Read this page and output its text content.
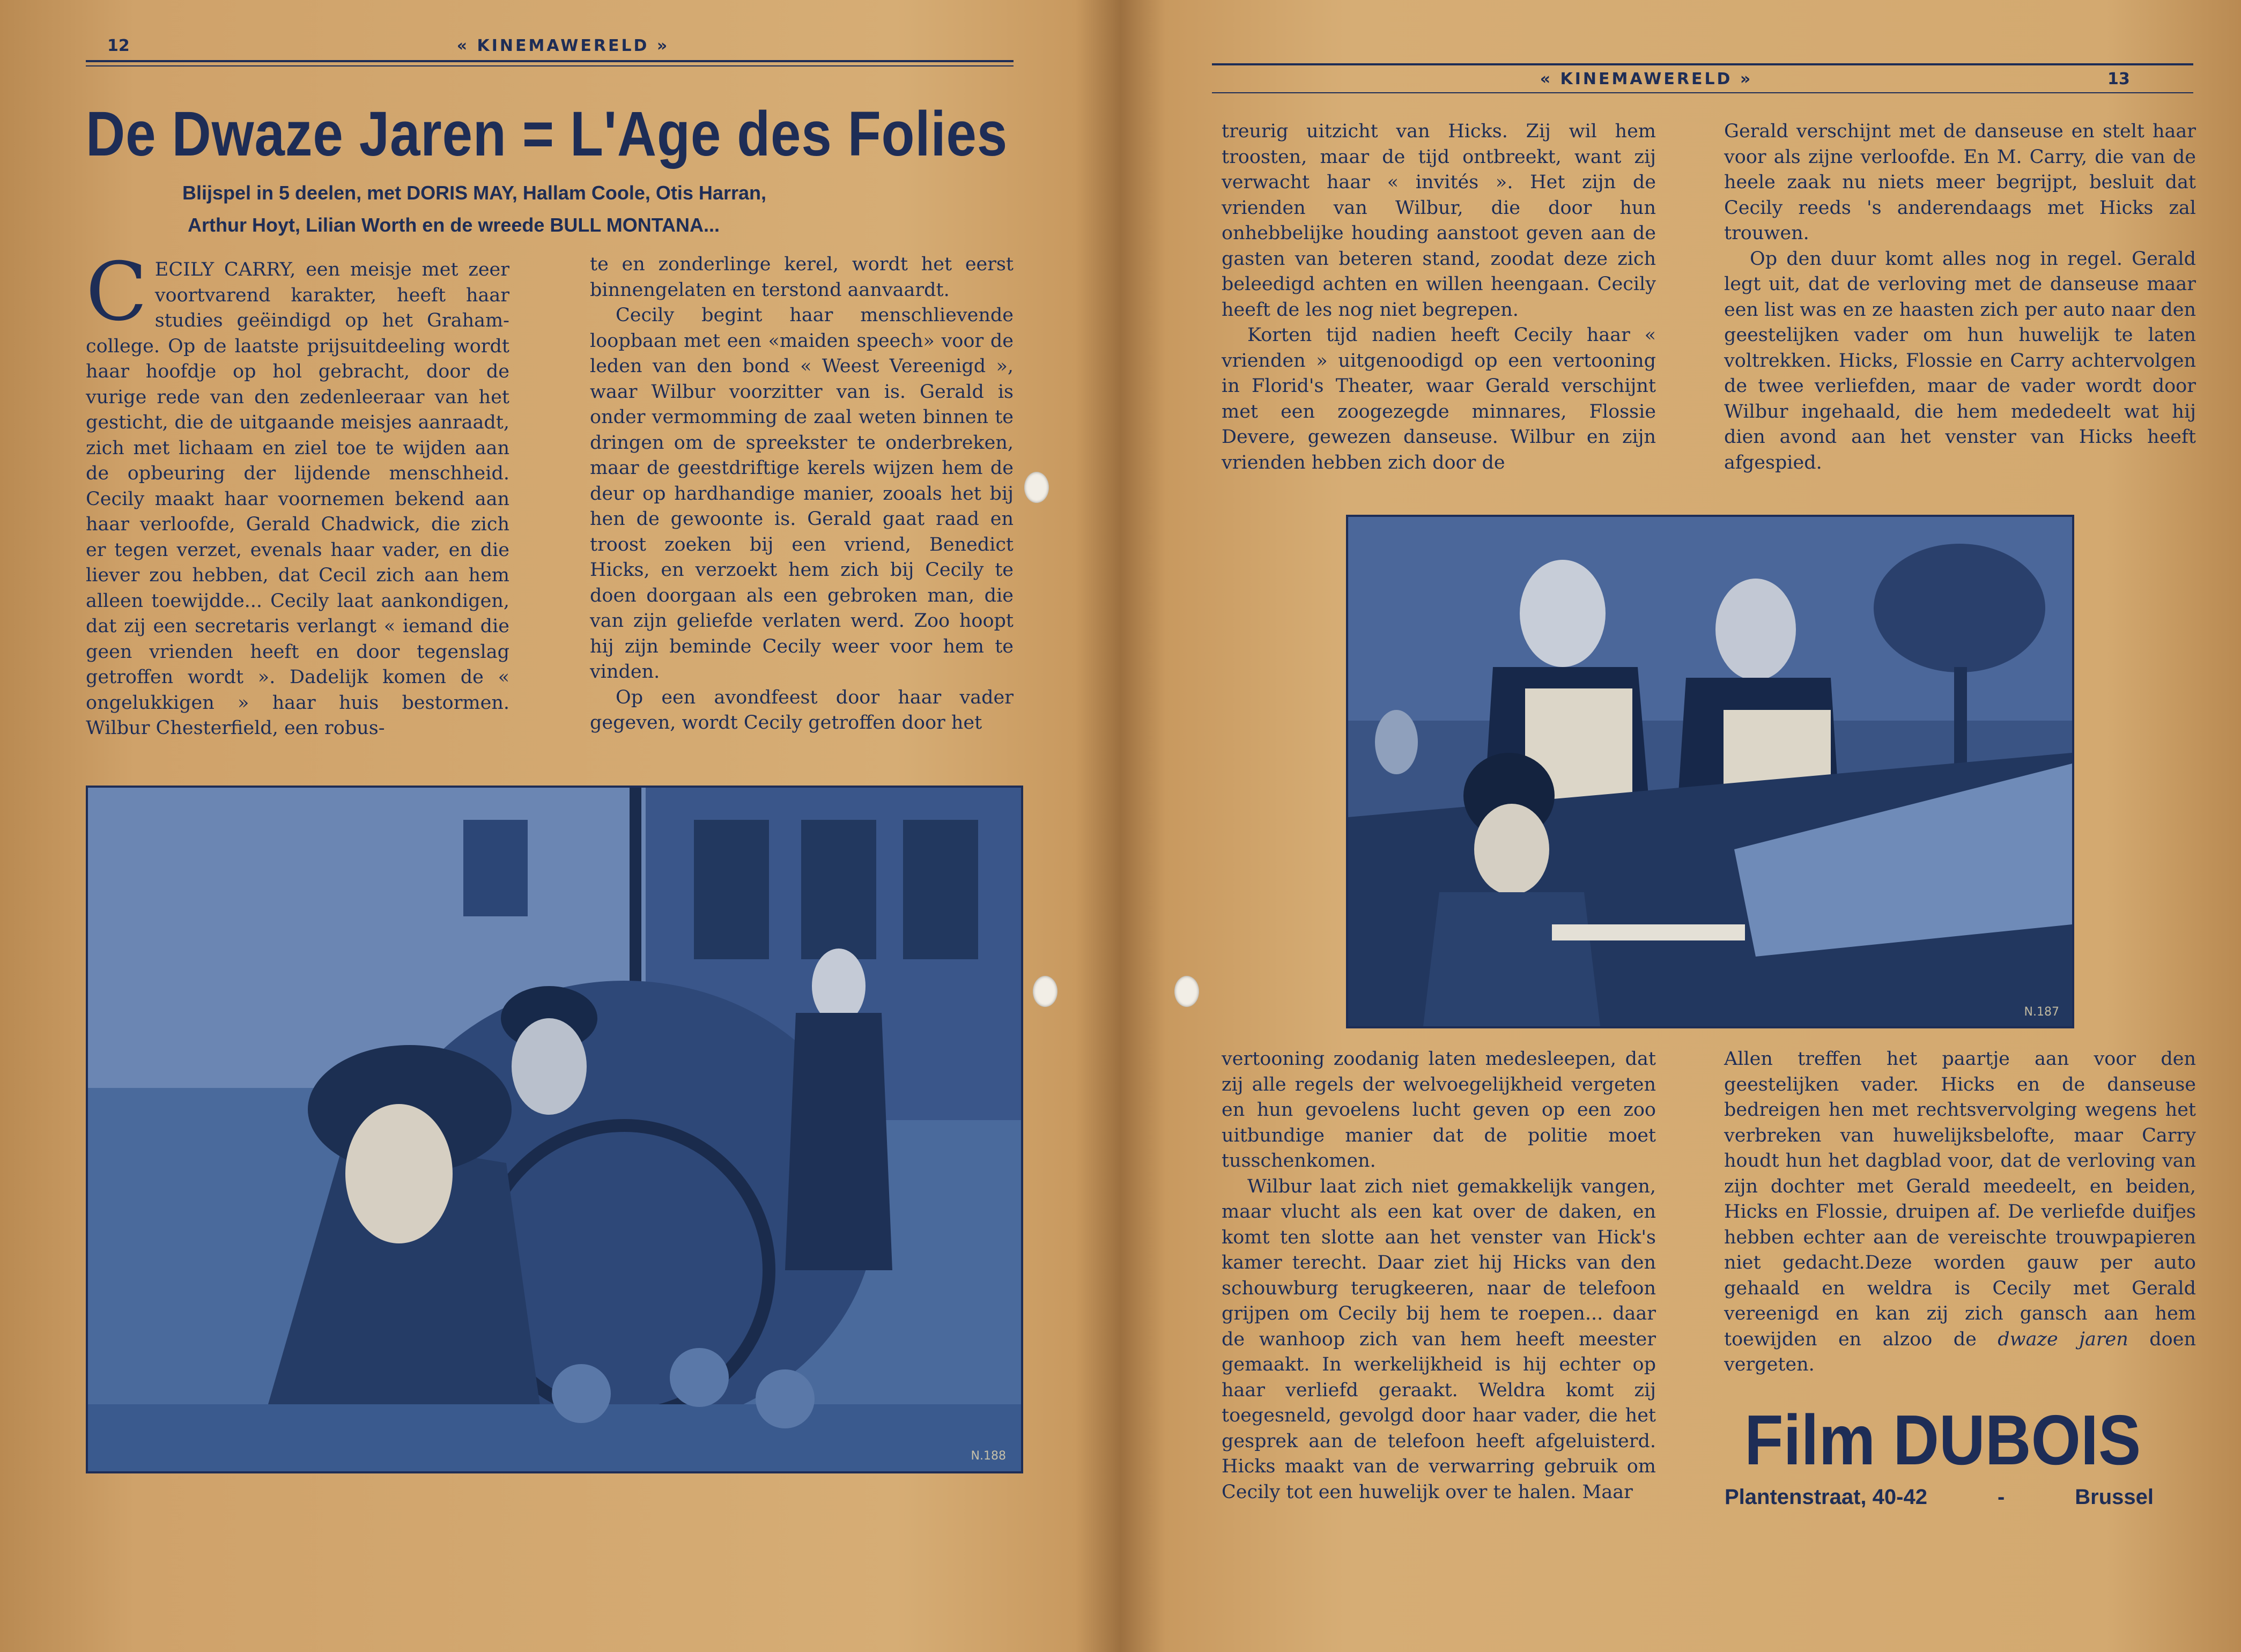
12	« KINEMAWERELD »
De Dwaze Jaren = L'Age des Folies
Blijspel in 5 deelen, met DORIS MAY, Hallam Coole, Otis Harran,
Arthur Hoyt, Lilian Worth en de wreede BULL MONTANA...

CECILY CARRY, een meisje met zeer voortvarend karakter, heeft haar studies geëindigd op het Graham-college. Op de laatste prijsuitdeeling wordt haar hoofdje op hol gebracht, door de vurige rede van den zedenleeraar van het gesticht, die de uitgaande meisjes aanraadt, zich met lichaam en ziel toe te wijden aan de opbeuring der lijdende menschheid. Cecily maakt haar voornemen bekend aan haar verloofde, Gerald Chadwick, die zich er tegen verzet, evenals haar vader, en die liever zou hebben, dat Cecil zich aan hem alleen toewijdde... Cecily laat aankondigen, dat zij een secretaris verlangt « iemand die geen vrienden heeft en door tegenslag getroffen wordt ». Dadelijk komen de « ongelukkigen » haar huis bestormen. Wilbur Chesterfield, een robus-

te en zonderlinge kerel, wordt het eerst binnengelaten en terstond aanvaardt.

Cecily begint haar menschlievende loopbaan met een «maiden speech» voor de leden van den bond « Weest Vereenigd », waar Wilbur voorzitter van is. Gerald is onder vermomming de zaal weten binnen te dringen om de spreekster te onderbreken, maar de geestdriftige kerels wijzen hem de deur op hardhandige manier, zooals het bij hen de gewoonte is. Gerald gaat raad en troost zoeken bij een vriend, Benedict Hicks, en verzoekt hem zich bij Cecily te doen doorgaan als een gebroken man, die van zijn geliefde verlaten werd. Zoo hoopt hij zijn beminde Cecily weer voor hem te vinden.

Op een avondfeest door haar vader gegeven, wordt Cecily getroffen door het

N.188
« KINEMAWERELD »	13

treurig uitzicht van Hicks. Zij wil hem troosten, maar de tijd ontbreekt, want zij verwacht haar « invités ». Het zijn de vrienden van Wilbur, die door hun onhebbelijke houding aanstoot geven aan de gasten van beteren stand, zoodat deze zich beleedigd achten en willen heengaan. Cecily heeft de les nog niet begrepen.

Korten tijd nadien heeft Cecily haar « vrienden » uitgenoodigd op een vertooning in Florid's Theater, waar Gerald verschijnt met een zoogezegde minnares, Flossie Devere, gewezen danseuse. Wilbur en zijn vrienden hebben zich door de

Gerald verschijnt met de danseuse en stelt haar voor als zijne verloofde. En M. Carry, die van de heele zaak nu niets meer begrijpt, besluit dat Cecily reeds 's anderendaags met Hicks zal trouwen.

Op den duur komt alles nog in regel. Gerald legt uit, dat de verloving met de danseuse maar een list was en ze haasten zich per auto naar den geestelijken vader om hun huwelijk te laten voltrekken. Hicks, Flossie en Carry achtervolgen de twee verliefden, maar de vader wordt door Wilbur ingehaald, die hem mededeelt wat hij dien avond aan het venster van Hicks heeft afgespied.

N.187

vertooning zoodanig laten medesleepen, dat zij alle regels der welvoegelijkheid vergeten en hun gevoelens lucht geven op een zoo uitbundige manier dat de politie moet tusschenkomen.

Wilbur laat zich niet gemakkelijk vangen, maar vlucht als een kat over de daken, en komt ten slotte aan het venster van Hick's kamer terecht. Daar ziet hij Hicks van den schouwburg terugkeeren, naar de telefoon grijpen om Cecily bij hem te roepen... daar de wanhoop zich van hem heeft meester gemaakt. In werkelijkheid is hij echter op haar verliefd geraakt. Weldra komt zij toegesneld, gevolgd door haar vader, die het gesprek aan de telefoon heeft afgeluisterd. Hicks maakt van de verwarring gebruik om Cecily tot een huwelijk over te halen. Maar

Allen treffen het paartje aan voor den geestelijken vader. Hicks en de danseuse bedreigen hen met rechtsvervolging wegens het verbreken van huwelijksbelofte, maar Carry houdt hun het dagblad voor, dat de verloving van zijn dochter met Gerald meedeelt, en beiden, Hicks en Flossie, druipen af. De verliefde duifjes hebben echter aan de vereischte trouwpapieren niet gedacht.Deze worden gauw per auto gehaald en weldra is Cecily met Gerald vereenigd en kan zij zich gansch aan hem toewijden en alzoo de dwaze jaren doen vergeten.

Film DUBOIS
Plantenstraat, 40-42	-	Brussel
